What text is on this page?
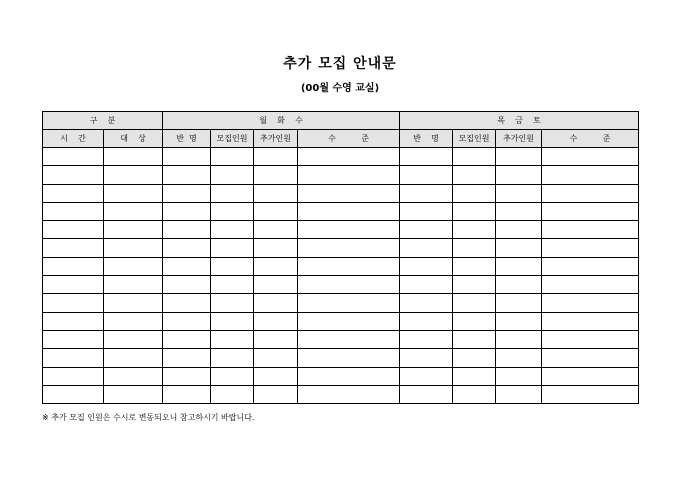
추가 모집 안내문
(00월 수영 교실)
구    분		월    화    수				목    금    토			
시    간	대    상	반  명	모집인원	추가인원	수          준	반    명	모집인원	추가인원	수          준

※ 추가 모집 인원은 수시로 변동되오니 참고하시기 바랍니다.
